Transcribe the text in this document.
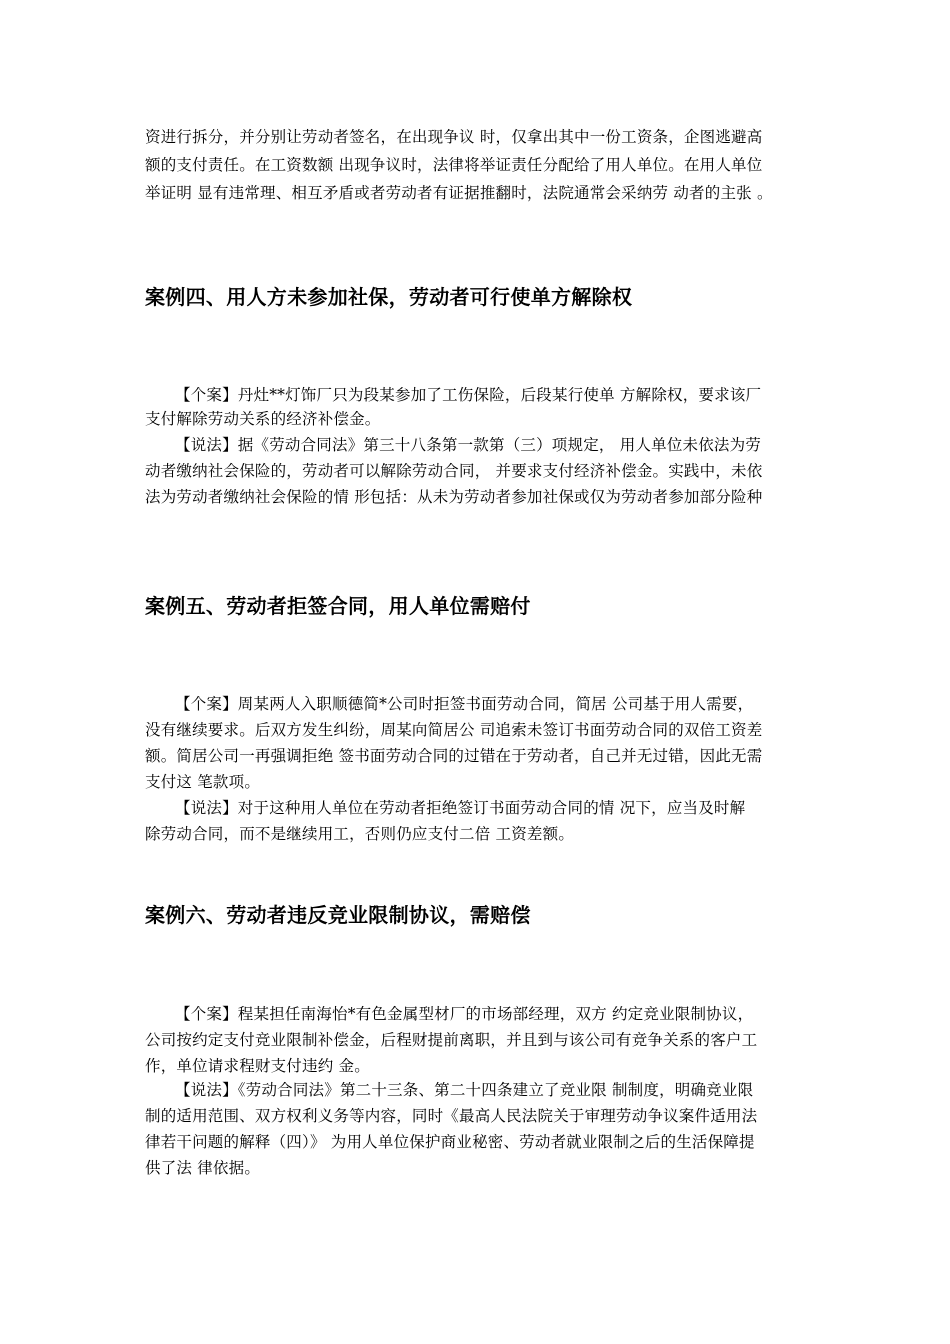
资进行拆分，并分别让劳动者签名，在出现争议 时，仅拿出其中一份工资条，企图逃避高
额的支付责任。在工资数额 出现争议时，法律将举证责任分配给了用人单位。在用人单位
举证明 显有违常理、相互矛盾或者劳动者有证据推翻时，法院通常会采纳劳 动者的主张 。
案例四、用人方未参加社保，劳动者可行使单方解除权
【个案】丹灶**灯饰厂只为段某参加了工伤保险，后段某行使单 方解除权，要求该厂
支付解除劳动关系的经济补偿金。
【说法】据《劳动合同法》第三十八条第一款第（三）项规定， 用人单位未依法为劳
动者缴纳社会保险的，劳动者可以解除劳动合同， 并要求支付经济补偿金。实践中，未依
法为劳动者缴纳社会保险的情 形包括：从未为劳动者参加社保或仅为劳动者参加部分险种
案例五、劳动者拒签合同，用人单位需赔付
【个案】周某两人入职顺德简*公司时拒签书面劳动合同，简居 公司基于用人需要，
没有继续要求。后双方发生纠纷，周某向简居公 司追索未签订书面劳动合同的双倍工资差
额。简居公司一再强调拒绝 签书面劳动合同的过错在于劳动者，自己并无过错，因此无需
支付这 笔款项。
【说法】对于这种用人单位在劳动者拒绝签订书面劳动合同的情 况下，应当及时解
除劳动合同，而不是继续用工，否则仍应支付二倍 工资差额。
案例六、劳动者违反竞业限制协议，需赔偿
【个案】程某担任南海怡*有色金属型材厂的市场部经理，双方 约定竞业限制协议，
公司按约定支付竞业限制补偿金，后程财提前离职，并且到与该公司有竞争关系的客户工
作，单位请求程财支付违约 金。
【说法】《劳动合同法》第二十三条、第二十四条建立了竞业限 制制度，明确竞业限
制的适用范围、双方权利义务等内容，同时《最高人民法院关于审理劳动争议案件适用法
律若干问题的解释（四）》 为用人单位保护商业秘密、劳动者就业限制之后的生活保障提
供了法 律依据。
